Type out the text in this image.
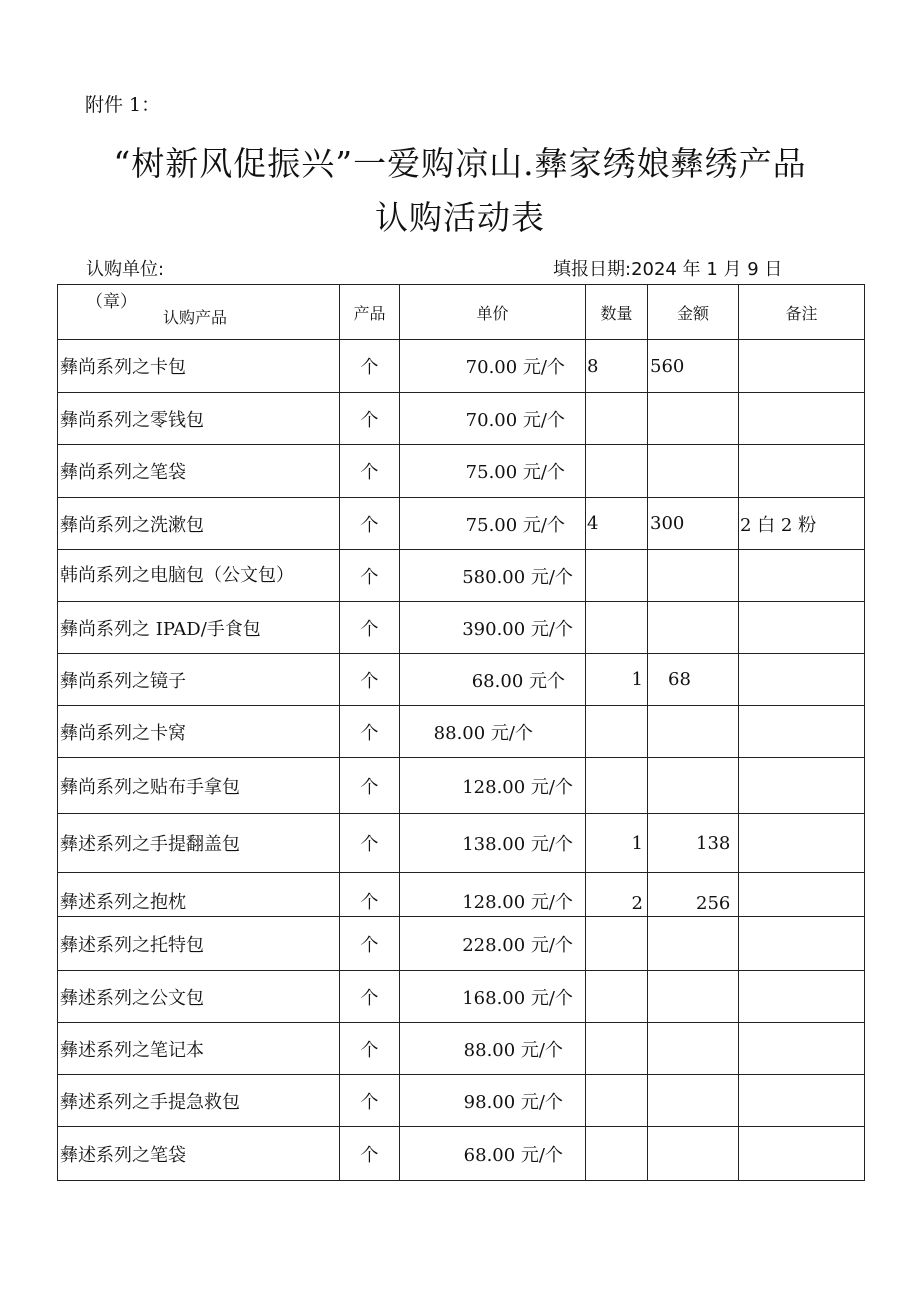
附件 1：
“树新风促振兴”一爱购凉山.彝家绣娘彝绣产品
认购活动表
认购单位:	填报日期:2024 年 1 月 9 日
（章）
认购产品	产品	单价	数量	金额	备注
彝尚系列之卡包	个	70.00 元/个	8	560	
彝尚系列之零钱包	个	70.00 元/个			
彝尚系列之笔袋	个	75.00 元/个			
彝尚系列之洗漱包	个	75.00 元/个	4	300	2 白 2 粉
韩尚系列之电脑包（公文包）	个	580.00 元/个			
彝尚系列之 IPAD/手食包	个	390.00 元/个			
彝尚系列之镜子	个	68.00 元个	1	68	
彝尚系列之卡窝	个	88.00 元/个			
彝尚系列之贴布手拿包	个	128.00 元/个			
彝述系列之手提翻盖包	个	138.00 元/个	1	138	
彝述系列之抱枕	个	128.00 元/个	2	256	
彝述系列之托特包	个	228.00 元/个			
彝述系列之公文包	个	168.00 元/个			
彝述系列之笔记本	个	88.00 元/个			
彝述系列之手提急救包	个	98.00 元/个			
彝述系列之笔袋	个	68.00 元/个			
